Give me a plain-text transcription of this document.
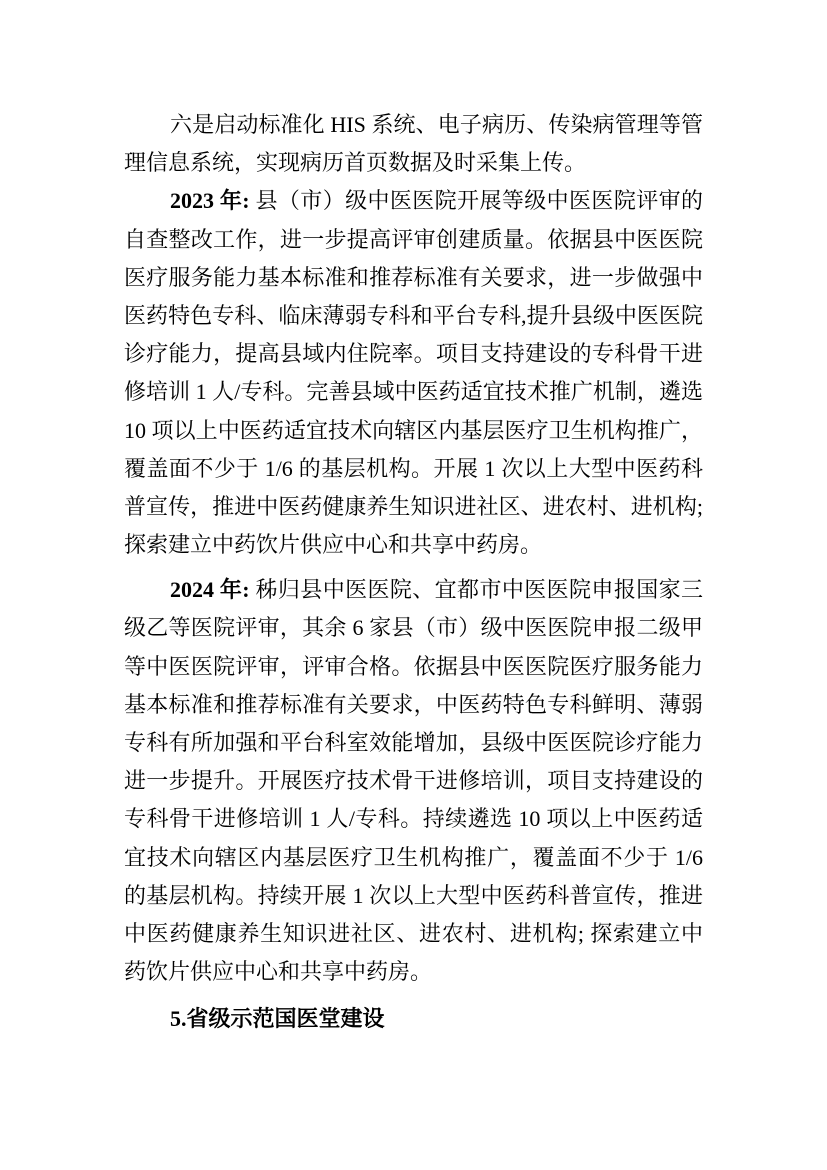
六是启动标准化 HIS 系统、电子病历、传染病管理等管
理信息系统，实现病历首页数据及时采集上传。
2023 年: 县（市）级中医医院开展等级中医医院评审的
自查整改工作，进一步提高评审创建质量。依据县中医医院
医疗服务能力基本标准和推荐标准有关要求，进一步做强中
医药特色专科、临床薄弱专科和平台专科,提升县级中医医院
诊疗能力，提高县域内住院率。项目支持建设的专科骨干进
修培训 1 人/专科。完善县域中医药适宜技术推广机制，遴选
10 项以上中医药适宜技术向辖区内基层医疗卫生机构推广，
覆盖面不少于 1/6 的基层机构。开展 1 次以上大型中医药科
普宣传，推进中医药健康养生知识进社区、进农村、进机构;
探索建立中药饮片供应中心和共享中药房。
2024 年: 秭归县中医医院、宜都市中医医院申报国家三
级乙等医院评审，其余 6 家县（市）级中医医院申报二级甲
等中医医院评审，评审合格。依据县中医医院医疗服务能力
基本标准和推荐标准有关要求，中医药特色专科鲜明、薄弱
专科有所加强和平台科室效能增加，县级中医医院诊疗能力
进一步提升。开展医疗技术骨干进修培训，项目支持建设的
专科骨干进修培训 1 人/专科。持续遴选 10 项以上中医药适
宜技术向辖区内基层医疗卫生机构推广，覆盖面不少于 1/6
的基层机构。持续开展 1 次以上大型中医药科普宣传，推进
中医药健康养生知识进社区、进农村、进机构; 探索建立中
药饮片供应中心和共享中药房。
5.省级示范国医堂建设
